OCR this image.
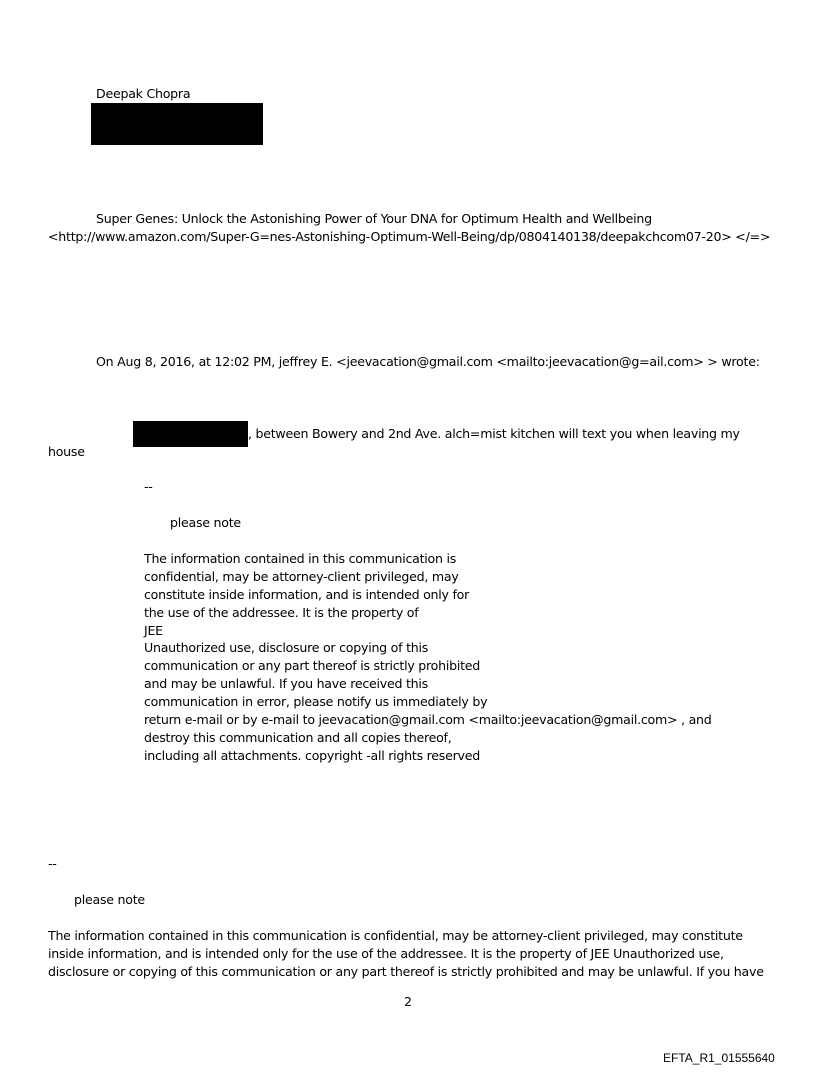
Deepak Chopra
Super Genes: Unlock the Astonishing Power of Your DNA for Optimum Health and Wellbeing
<http://www.amazon.com/Super-G=nes-Astonishing-Optimum-Well-Being/dp/0804140138/deepakchcom07-20> </=>
On Aug 8, 2016, at 12:02 PM, jeffrey E. <jeevacation@gmail.com <mailto:jeevacation@g=ail.com> > wrote:
, between Bowery and 2nd Ave. alch=mist kitchen will text you when leaving my
house
--
please note
The information contained in this communication is
confidential, may be attorney-client privileged, may
constitute inside information, and is intended only for
the use of the addressee. It is the property of
JEE
Unauthorized use, disclosure or copying of this
communication or any part thereof is strictly prohibited
and may be unlawful. If you have received this
communication in error, please notify us immediately by
return e-mail or by e-mail to jeevacation@gmail.com <mailto:jeevacation@gmail.com> , and
destroy this communication and all copies thereof,
including all attachments. copyright -all rights reserved
--
please note
The information contained in this communication is confidential, may be attorney-client privileged, may constitute
inside information, and is intended only for the use of the addressee. It is the property of JEE Unauthorized use,
disclosure or copying of this communication or any part thereof is strictly prohibited and may be unlawful. If you have
2
EFTA_R1_01555640
